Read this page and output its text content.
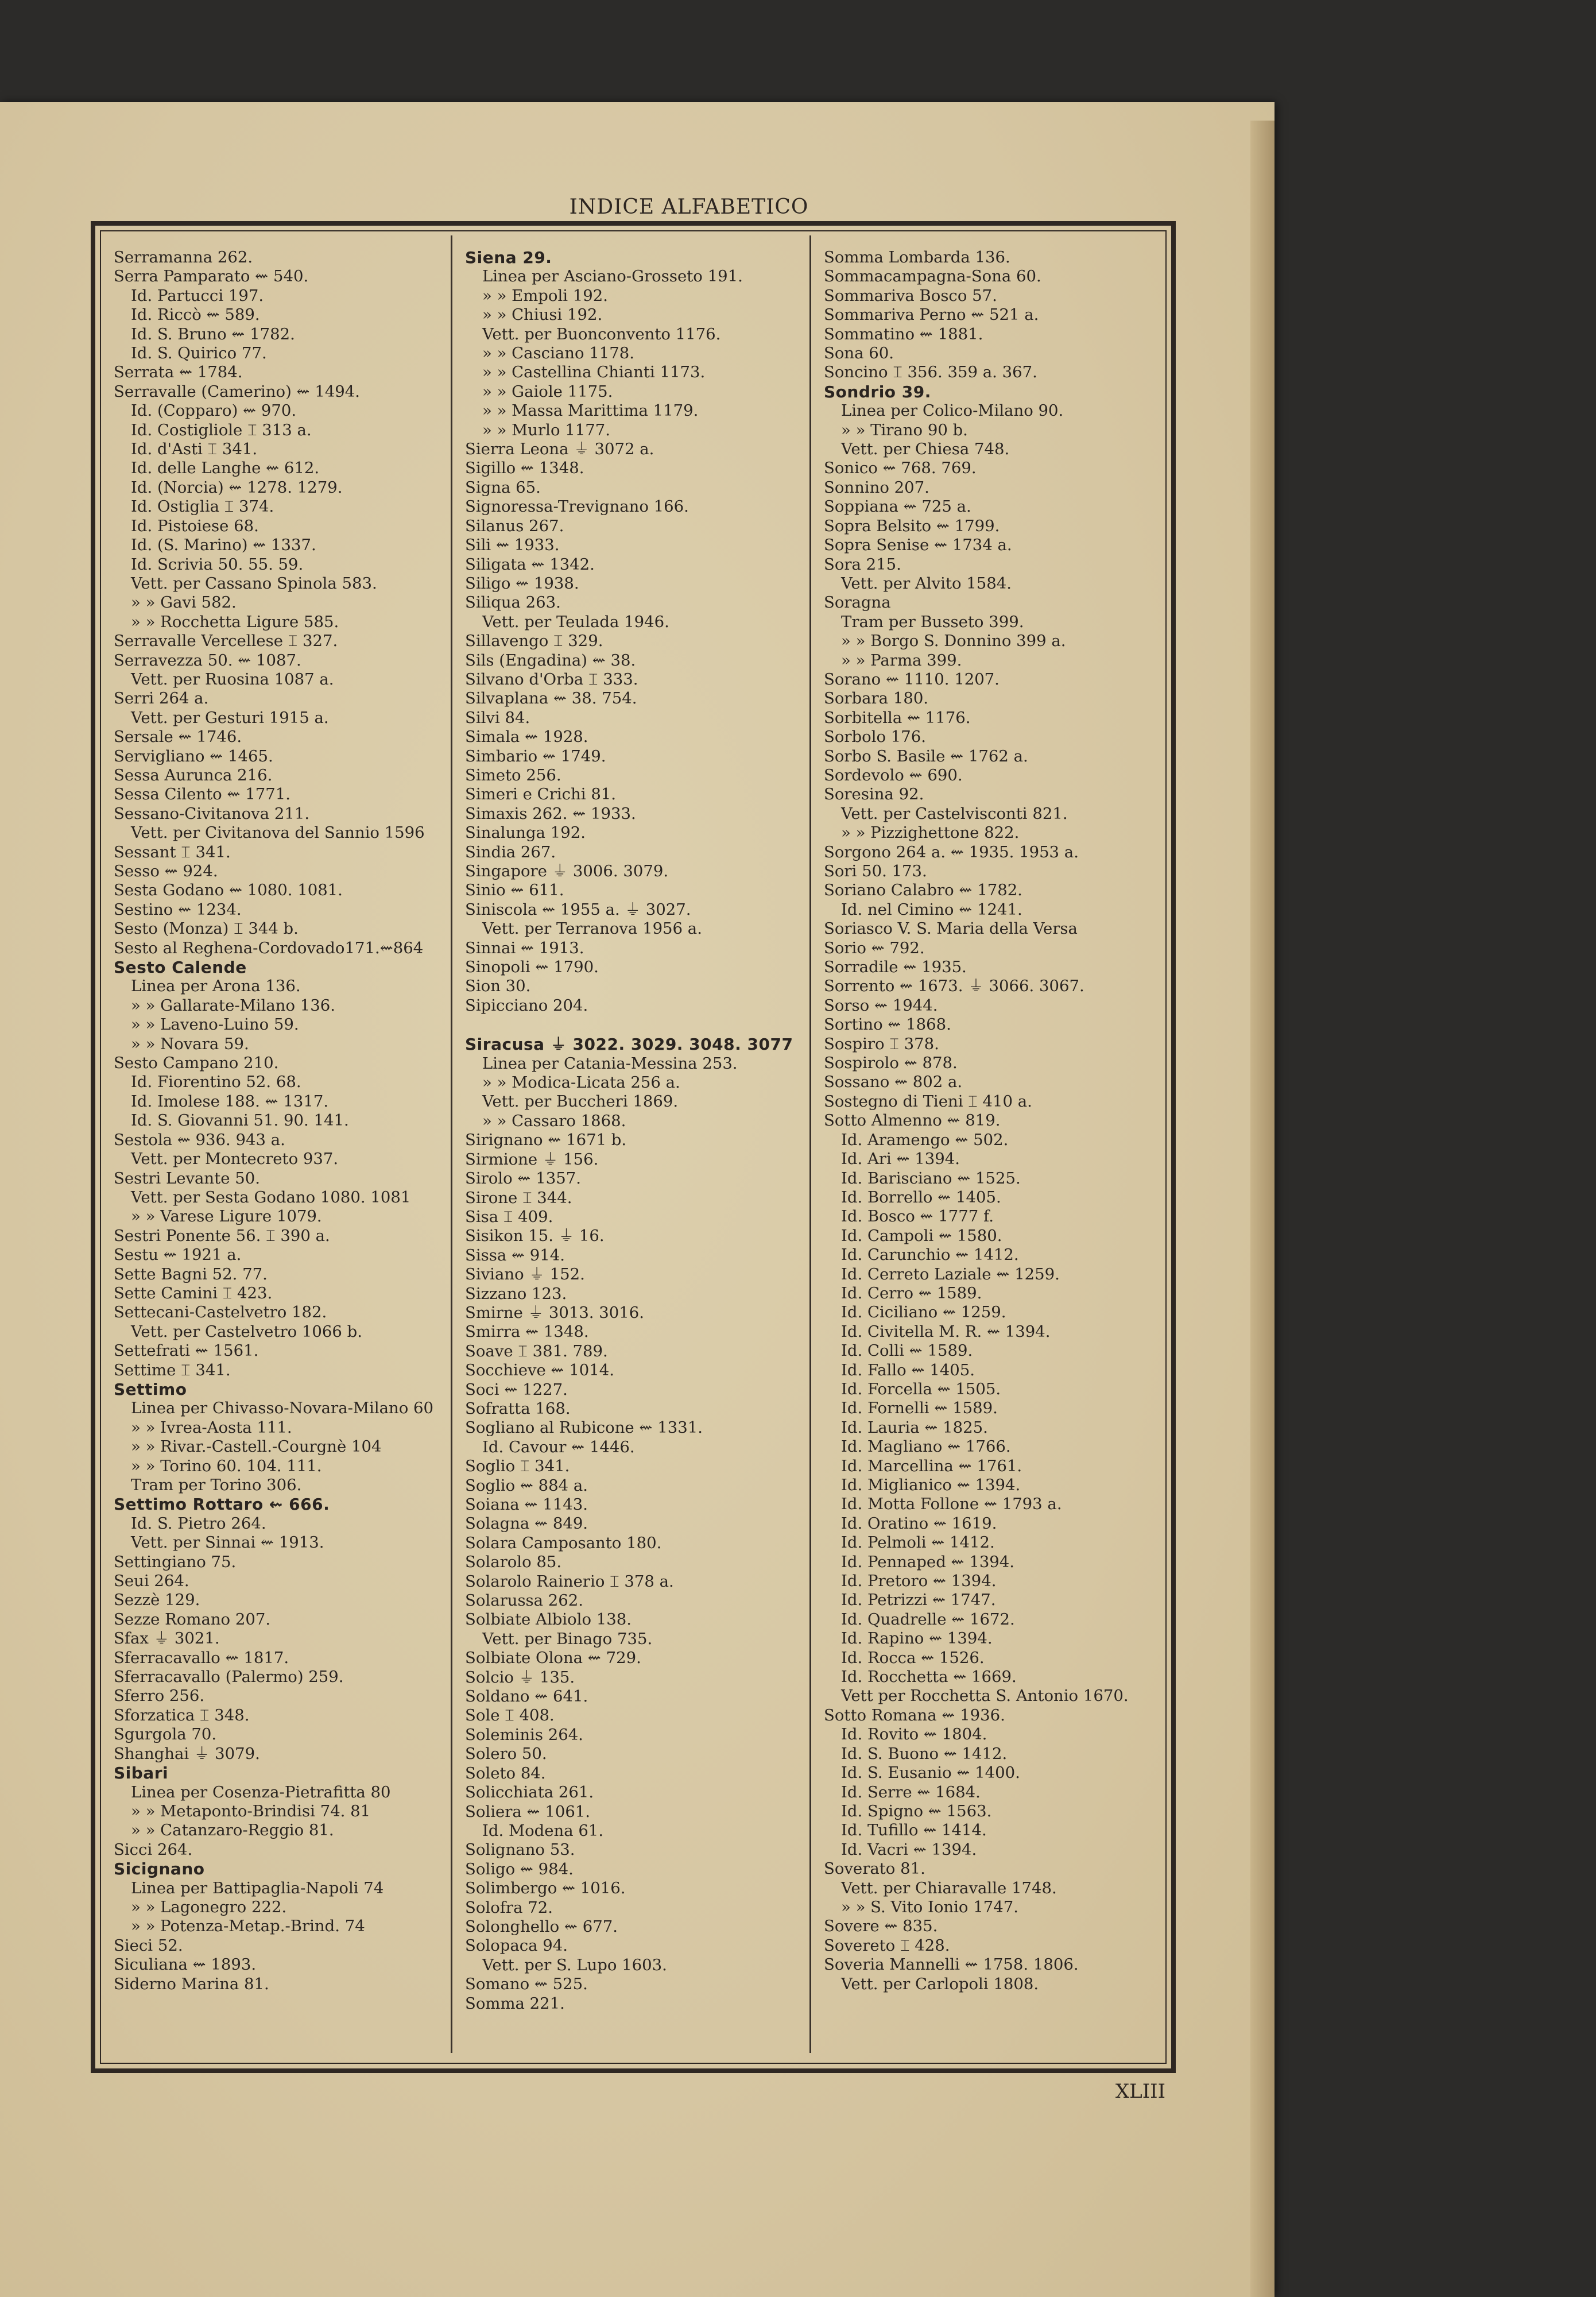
INDICE ALFABETICO
Serramanna 262.
Serra Pamparato ⇜ 540.
Id. Partucci 197.
Id. Riccò ⇜ 589.
Id. S. Bruno ⇜ 1782.
Id. S. Quirico 77.
Serrata ⇜ 1784.
Serravalle (Camerino) ⇜ 1494.
Id. (Copparo) ⇜ 970.
Id. Costigliole ⌶ 313 a.
Id. d'Asti ⌶ 341.
Id. delle Langhe ⇜ 612.
Id. (Norcia) ⇜ 1278. 1279.
Id. Ostiglia ⌶ 374.
Id. Pistoiese 68.
Id. (S. Marino) ⇜ 1337.
Id. Scrivia 50. 55. 59.
Vett. per Cassano Spinola 583.
» » Gavi 582.
» » Rocchetta Ligure 585.
Serravalle Vercellese ⌶ 327.
Serravezza 50. ⇜ 1087.
Vett. per Ruosina 1087 a.
Serri 264 a.
Vett. per Gesturi 1915 a.
Sersale ⇜ 1746.
Servigliano ⇜ 1465.
Sessa Aurunca 216.
Sessa Cilento ⇜ 1771.
Sessano-Civitanova 211.
Vett. per Civitanova del Sannio 1596
Sessant ⌶ 341.
Sesso ⇜ 924.
Sesta Godano ⇜ 1080. 1081.
Sestino ⇜ 1234.
Sesto (Monza) ⌶ 344 b.
Sesto al Reghena-Cordovado171.⇜864
Sesto Calende
Linea per Arona 136.
» » Gallarate-Milano 136.
» » Laveno-Luino 59.
» » Novara 59.
Sesto Campano 210.
Id. Fiorentino 52. 68.
Id. Imolese 188. ⇜ 1317.
Id. S. Giovanni 51. 90. 141.
Sestola ⇜ 936. 943 a.
Vett. per Montecreto 937.
Sestri Levante 50.
Vett. per Sesta Godano 1080. 1081
» » Varese Ligure 1079.
Sestri Ponente 56. ⌶ 390 a.
Sestu ⇜ 1921 a.
Sette Bagni 52. 77.
Sette Camini ⌶ 423.
Settecani-Castelvetro 182.
Vett. per Castelvetro 1066 b.
Settefrati ⇜ 1561.
Settime ⌶ 341.
Settimo
Linea per Chivasso-Novara-Milano 60
» » Ivrea-Aosta 111.
» » Rivar.-Castell.-Courgnè 104
» » Torino 60. 104. 111.
Tram per Torino 306.
Settimo Rottaro ⇜ 666.
Id. S. Pietro 264.
Vett. per Sinnai ⇜ 1913.
Settingiano 75.
Seui 264.
Sezzè 129.
Sezze Romano 207.
Sfax ⏚ 3021.
Sferracavallo ⇜ 1817.
Sferracavallo (Palermo) 259.
Sferro 256.
Sforzatica ⌶ 348.
Sgurgola 70.
Shanghai ⏚ 3079.
Sibari
Linea per Cosenza-Pietrafitta 80
» » Metaponto-Brindisi 74. 81
» » Catanzaro-Reggio 81.
Sicci 264.
Sicignano
Linea per Battipaglia-Napoli 74
» » Lagonegro 222.
» » Potenza-Metap.-Brind. 74
Sieci 52.
Siculiana ⇜ 1893.
Siderno Marina 81.
Siena 29.
Linea per Asciano-Grosseto 191.
» » Empoli 192.
» » Chiusi 192.
Vett. per Buonconvento 1176.
» » Casciano 1178.
» » Castellina Chianti 1173.
» » Gaiole 1175.
» » Massa Marittima 1179.
» » Murlo 1177.
Sierra Leona ⏚ 3072 a.
Sigillo ⇜ 1348.
Signa 65.
Signoressa-Trevignano 166.
Silanus 267.
Sili ⇜ 1933.
Siligata ⇜ 1342.
Siligo ⇜ 1938.
Siliqua 263.
Vett. per Teulada 1946.
Sillavengo ⌶ 329.
Sils (Engadina) ⇜ 38.
Silvano d'Orba ⌶ 333.
Silvaplana ⇜ 38. 754.
Silvi 84.
Simala ⇜ 1928.
Simbario ⇜ 1749.
Simeto 256.
Simeri e Crichi 81.
Simaxis 262. ⇜ 1933.
Sinalunga 192.
Sindia 267.
Singapore ⏚ 3006. 3079.
Sinio ⇜ 611.
Siniscola ⇜ 1955 a. ⏚ 3027.
Vett. per Terranova 1956 a.
Sinnai ⇜ 1913.
Sinopoli ⇜ 1790.
Sion 30.
Sipicciano 204.
Siracusa ⏚ 3022. 3029. 3048. 3077
Linea per Catania-Messina 253.
» » Modica-Licata 256 a.
Vett. per Buccheri 1869.
» » Cassaro 1868.
Sirignano ⇜ 1671 b.
Sirmione ⏚ 156.
Sirolo ⇜ 1357.
Sirone ⌶ 344.
Sisa ⌶ 409.
Sisikon 15. ⏚ 16.
Sissa ⇜ 914.
Siviano ⏚ 152.
Sizzano 123.
Smirne ⏚ 3013. 3016.
Smirra ⇜ 1348.
Soave ⌶ 381. 789.
Socchieve ⇜ 1014.
Soci ⇜ 1227.
Sofratta 168.
Sogliano al Rubicone ⇜ 1331.
Id. Cavour ⇜ 1446.
Soglio ⌶ 341.
Soglio ⇜ 884 a.
Soiana ⇜ 1143.
Solagna ⇜ 849.
Solara Camposanto 180.
Solarolo 85.
Solarolo Rainerio ⌶ 378 a.
Solarussa 262.
Solbiate Albiolo 138.
Vett. per Binago 735.
Solbiate Olona ⇜ 729.
Solcio ⏚ 135.
Soldano ⇜ 641.
Sole ⌶ 408.
Soleminis 264.
Solero 50.
Soleto 84.
Solicchiata 261.
Soliera ⇜ 1061.
Id. Modena 61.
Solignano 53.
Soligo ⇜ 984.
Solimbergo ⇜ 1016.
Solofra 72.
Solonghello ⇜ 677.
Solopaca 94.
Vett. per S. Lupo 1603.
Somano ⇜ 525.
Somma 221.
Somma Lombarda 136.
Sommacampagna-Sona 60.
Sommariva Bosco 57.
Sommariva Perno ⇜ 521 a.
Sommatino ⇜ 1881.
Sona 60.
Soncino ⌶ 356. 359 a. 367.
Sondrio 39.
Linea per Colico-Milano 90.
» » Tirano 90 b.
Vett. per Chiesa 748.
Sonico ⇜ 768. 769.
Sonnino 207.
Soppiana ⇜ 725 a.
Sopra Belsito ⇜ 1799.
Sopra Senise ⇜ 1734 a.
Sora 215.
Vett. per Alvito 1584.
Soragna
Tram per Busseto 399.
» » Borgo S. Donnino 399 a.
» » Parma 399.
Sorano ⇜ 1110. 1207.
Sorbara 180.
Sorbitella ⇜ 1176.
Sorbolo 176.
Sorbo S. Basile ⇜ 1762 a.
Sordevolo ⇜ 690.
Soresina 92.
Vett. per Castelvisconti 821.
» » Pizzighettone 822.
Sorgono 264 a. ⇜ 1935. 1953 a.
Sori 50. 173.
Soriano Calabro ⇜ 1782.
Id. nel Cimino ⇜ 1241.
Soriasco V. S. Maria della Versa
Sorio ⇜ 792.
Sorradile ⇜ 1935.
Sorrento ⇜ 1673. ⏚ 3066. 3067.
Sorso ⇜ 1944.
Sortino ⇜ 1868.
Sospiro ⌶ 378.
Sospirolo ⇜ 878.
Sossano ⇜ 802 a.
Sostegno di Tieni ⌶ 410 a.
Sotto Almenno ⇜ 819.
Id. Aramengo ⇜ 502.
Id. Ari ⇜ 1394.
Id. Barisciano ⇜ 1525.
Id. Borrello ⇜ 1405.
Id. Bosco ⇜ 1777 f.
Id. Campoli ⇜ 1580.
Id. Carunchio ⇜ 1412.
Id. Cerreto Laziale ⇜ 1259.
Id. Cerro ⇜ 1589.
Id. Ciciliano ⇜ 1259.
Id. Civitella M. R. ⇜ 1394.
Id. Colli ⇜ 1589.
Id. Fallo ⇜ 1405.
Id. Forcella ⇜ 1505.
Id. Fornelli ⇜ 1589.
Id. Lauria ⇜ 1825.
Id. Magliano ⇜ 1766.
Id. Marcellina ⇜ 1761.
Id. Miglianico ⇜ 1394.
Id. Motta Follone ⇜ 1793 a.
Id. Oratino ⇜ 1619.
Id. Pelmoli ⇜ 1412.
Id. Pennaped ⇜ 1394.
Id. Pretoro ⇜ 1394.
Id. Petrizzi ⇜ 1747.
Id. Quadrelle ⇜ 1672.
Id. Rapino ⇜ 1394.
Id. Rocca ⇜ 1526.
Id. Rocchetta ⇜ 1669.
Vett per Rocchetta S. Antonio 1670.
Sotto Romana ⇜ 1936.
Id. Rovito ⇜ 1804.
Id. S. Buono ⇜ 1412.
Id. S. Eusanio ⇜ 1400.
Id. Serre ⇜ 1684.
Id. Spigno ⇜ 1563.
Id. Tufillo ⇜ 1414.
Id. Vacri ⇜ 1394.
Soverato 81.
Vett. per Chiaravalle 1748.
» » S. Vito Ionio 1747.
Sovere ⇜ 835.
Sovereto ⌶ 428.
Soveria Mannelli ⇜ 1758. 1806.
Vett. per Carlopoli 1808.
XLIII
